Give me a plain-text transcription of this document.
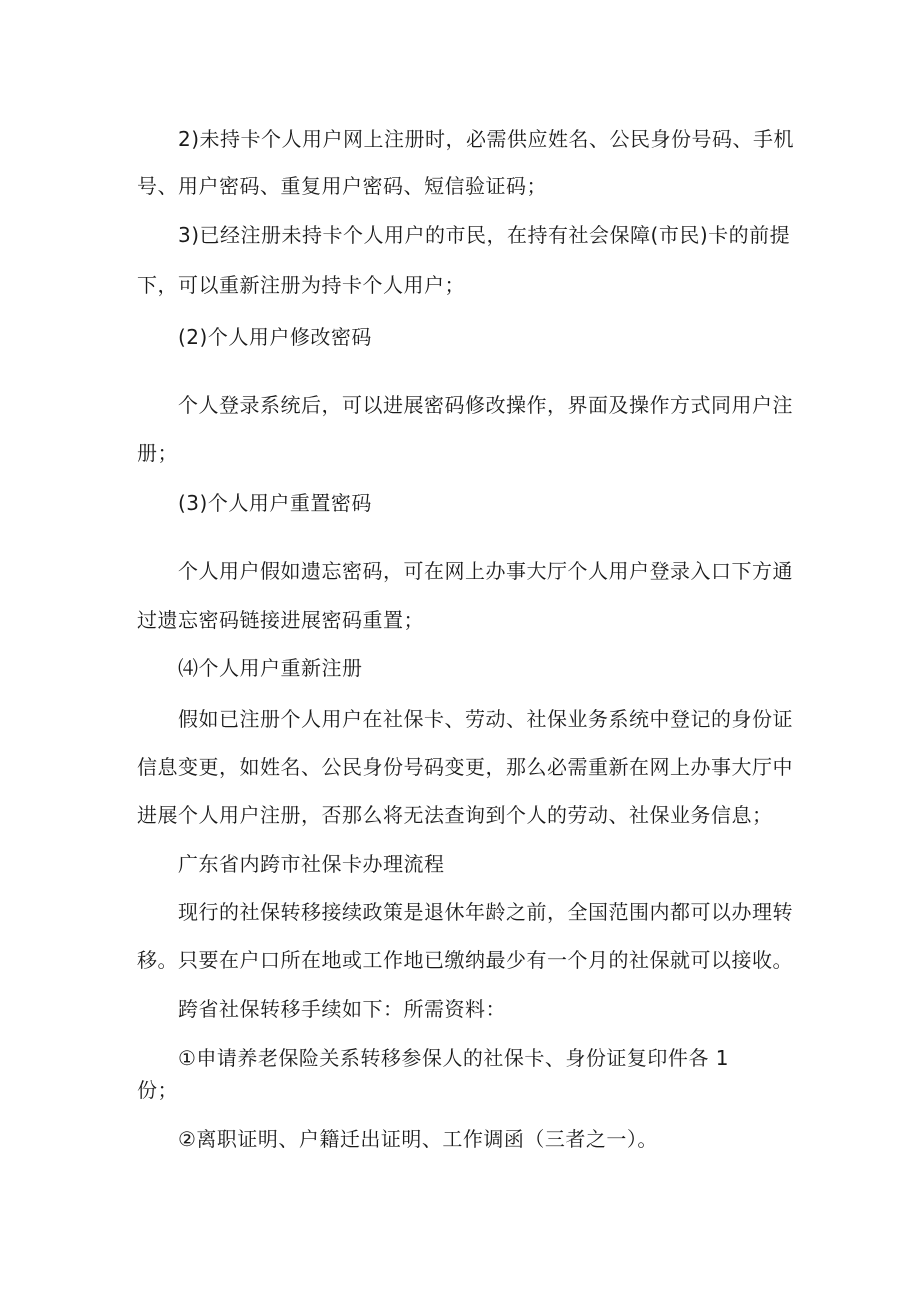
2)未持卡个人用户网上注册时，必需供应姓名、公民身份号码、手机
号、用户密码、重复用户密码、短信验证码；
3)已经注册未持卡个人用户的市民，在持有社会保障(市民)卡的前提
下，可以重新注册为持卡个人用户；
(2)个人用户修改密码
个人登录系统后，可以进展密码修改操作，界面及操作方式同用户注
册；
(3)个人用户重置密码
个人用户假如遗忘密码，可在网上办事大厅个人用户登录入口下方通
过遗忘密码链接进展密码重置；
⑷个人用户重新注册
假如已注册个人用户在社保卡、劳动、社保业务系统中登记的身份证
信息变更，如姓名、公民身份号码变更，那么必需重新在网上办事大厅中
进展个人用户注册，否那么将无法查询到个人的劳动、社保业务信息；
广东省内跨市社保卡办理流程
现行的社保转移接续政策是退休年龄之前，全国范围内都可以办理转
移。只要在户口所在地或工作地已缴纳最少有一个月的社保就可以接收。
跨省社保转移手续如下：所需资料：
①申请养老保险关系转移参保人的社保卡、身份证复印件各 1
份；
②离职证明、户籍迁出证明、工作调函（三者之一）。
